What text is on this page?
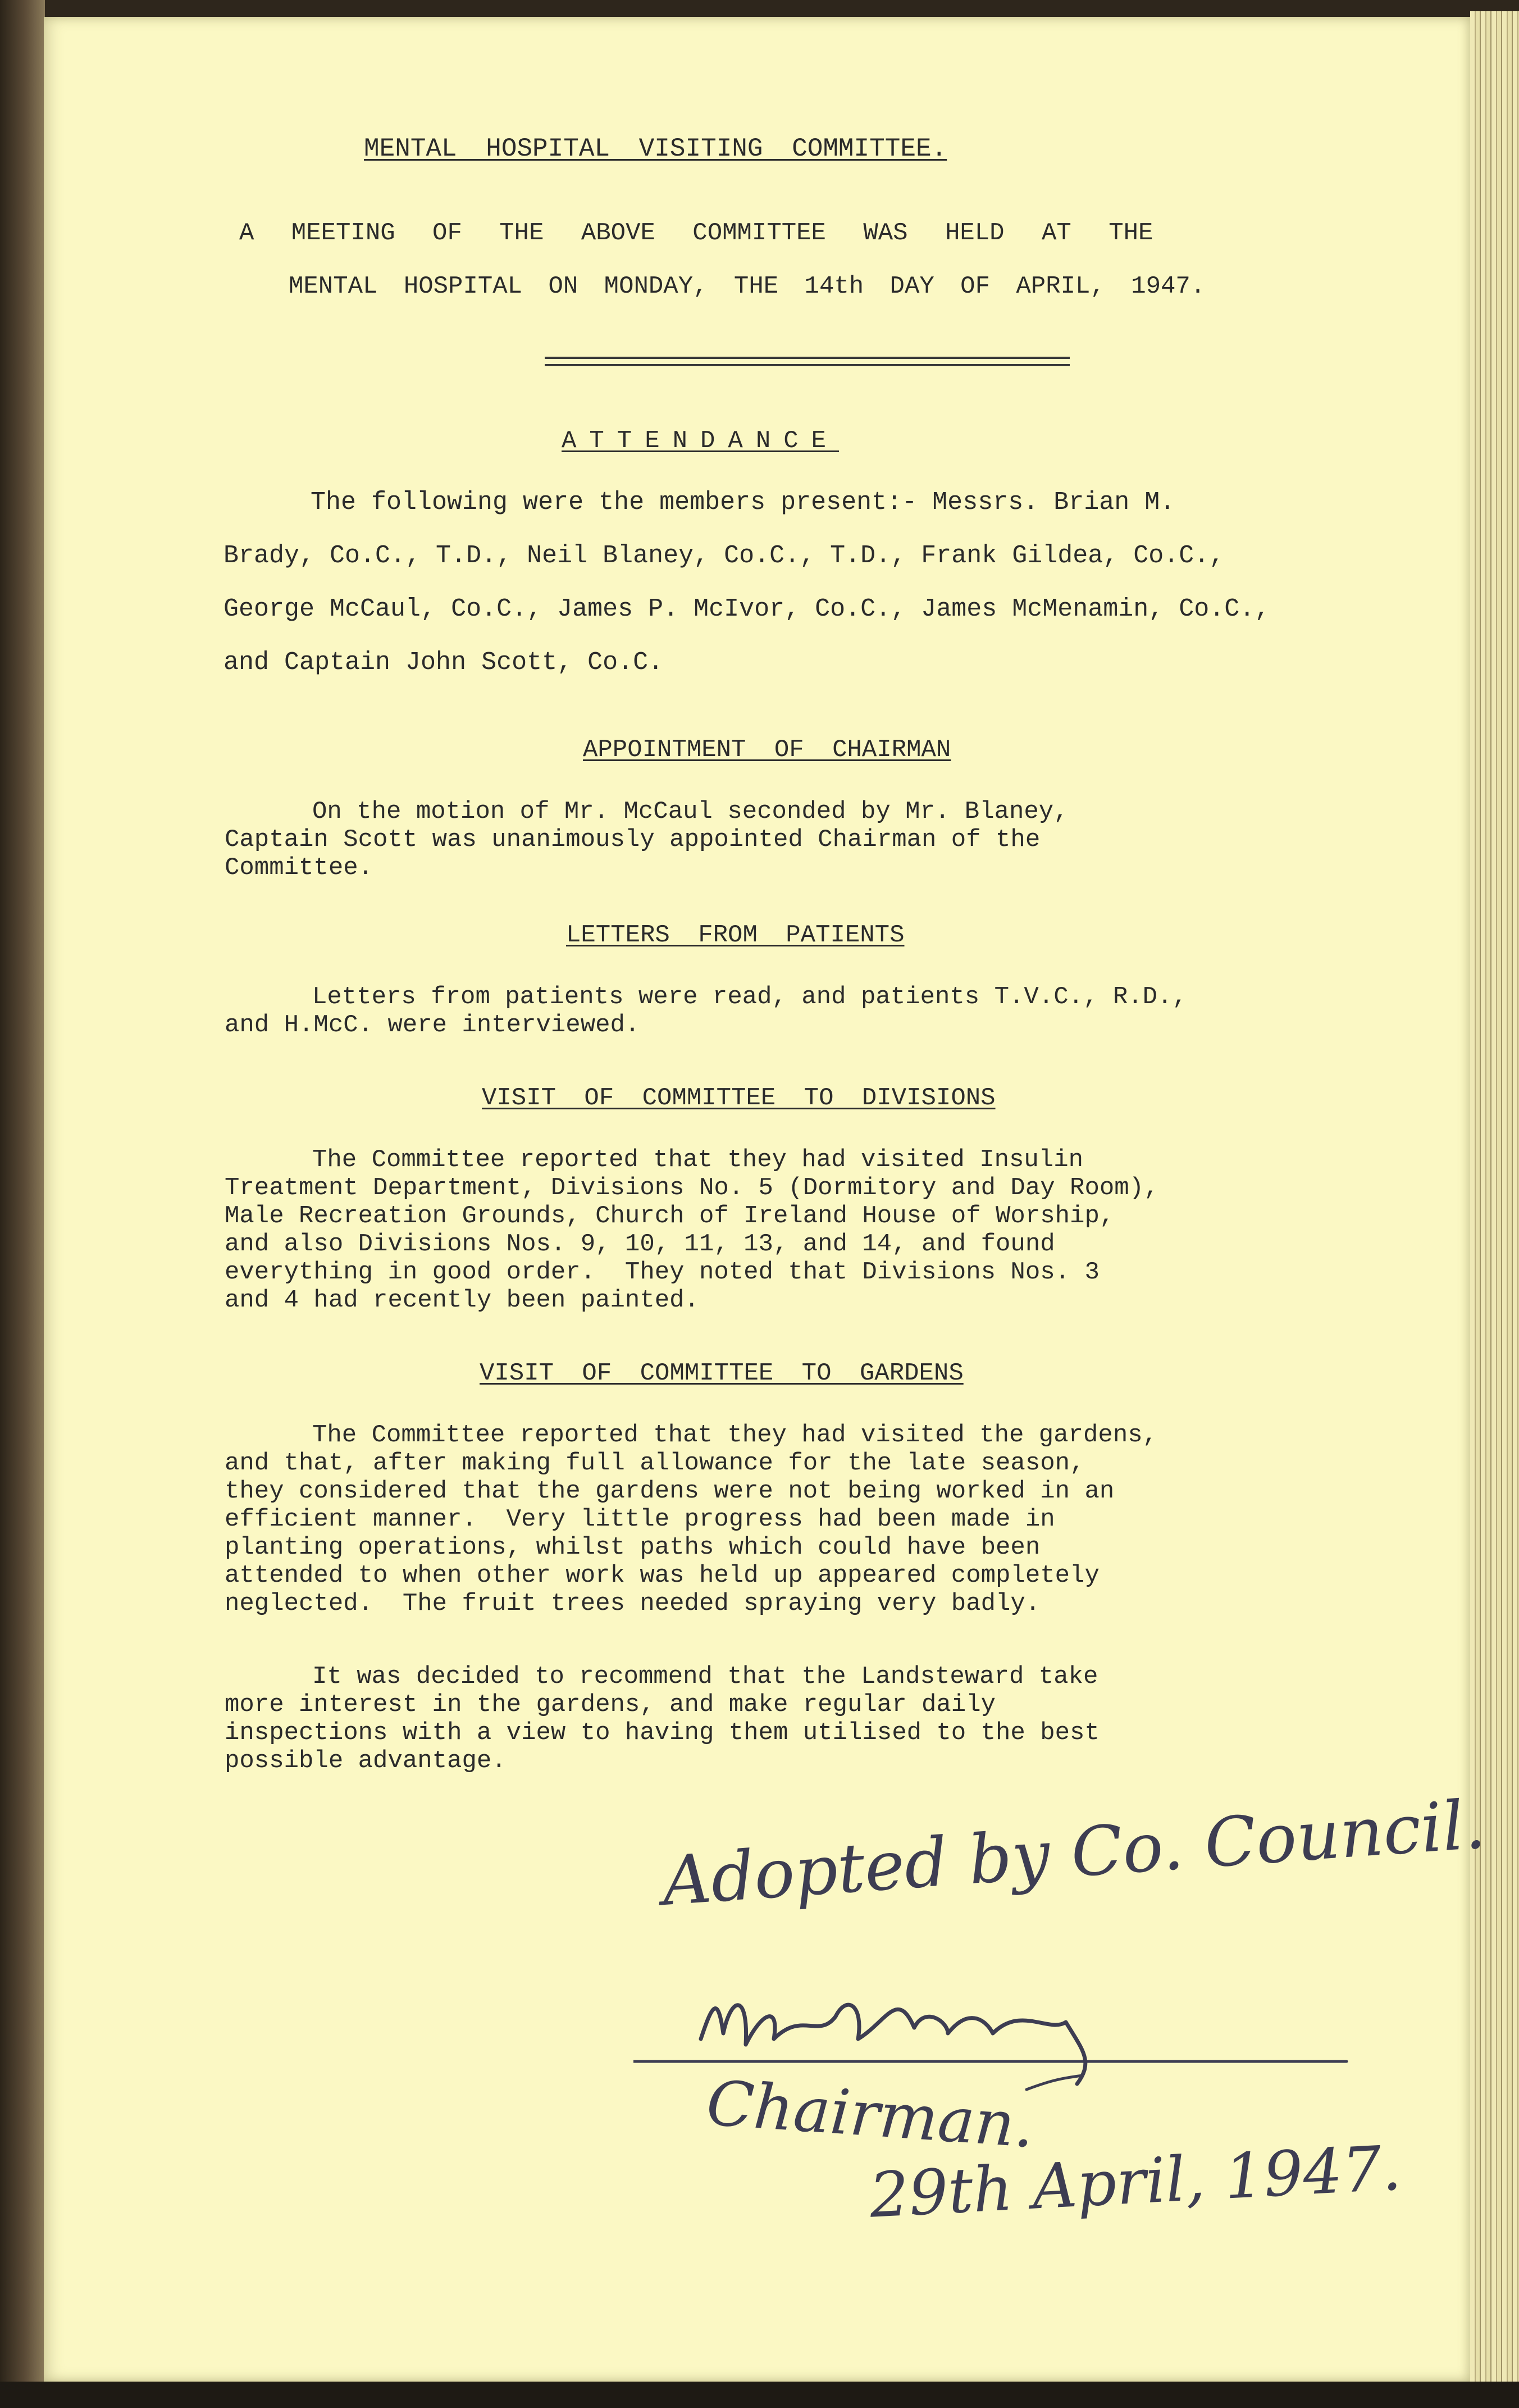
MENTAL HOSPITAL VISITING COMMITTEE.
A MEETING OF THE ABOVE COMMITTEE WAS HELD AT THE
MENTAL HOSPITAL ON MONDAY, THE 14th DAY OF APRIL, 1947.
ATTENDANCE
The following were the members present:- Messrs. Brian M.
Brady, Co.C., T.D., Neil Blaney, Co.C., T.D., Frank Gildea, Co.C.,
George McCaul, Co.C., James P. McIvor, Co.C., James McMenamin, Co.C.,
and Captain John Scott, Co.C.
APPOINTMENT OF CHAIRMAN
On the motion of Mr. McCaul seconded by Mr. Blaney,
Captain Scott was unanimously appointed Chairman of the
Committee.
LETTERS FROM PATIENTS
Letters from patients were read, and patients T.V.C., R.D.,
and H.McC. were interviewed.
VISIT OF COMMITTEE TO DIVISIONS
The Committee reported that they had visited Insulin
Treatment Department, Divisions No. 5 (Dormitory and Day Room),
Male Recreation Grounds, Church of Ireland House of Worship,
and also Divisions Nos. 9, 10, 11, 13, and 14, and found
everything in good order.  They noted that Divisions Nos. 3
and 4 had recently been painted.
VISIT OF COMMITTEE TO GARDENS
The Committee reported that they had visited the gardens,
and that, after making full allowance for the late season,
they considered that the gardens were not being worked in an
efficient manner.  Very little progress had been made in
planting operations, whilst paths which could have been
attended to when other work was held up appeared completely
neglected.  The fruit trees needed spraying very badly.
It was decided to recommend that the Landsteward take
more interest in the gardens, and make regular daily
inspections with a view to having them utilised to the best
possible advantage.
Adopted by Co. Council.
Chairman.
29th April, 1947.
